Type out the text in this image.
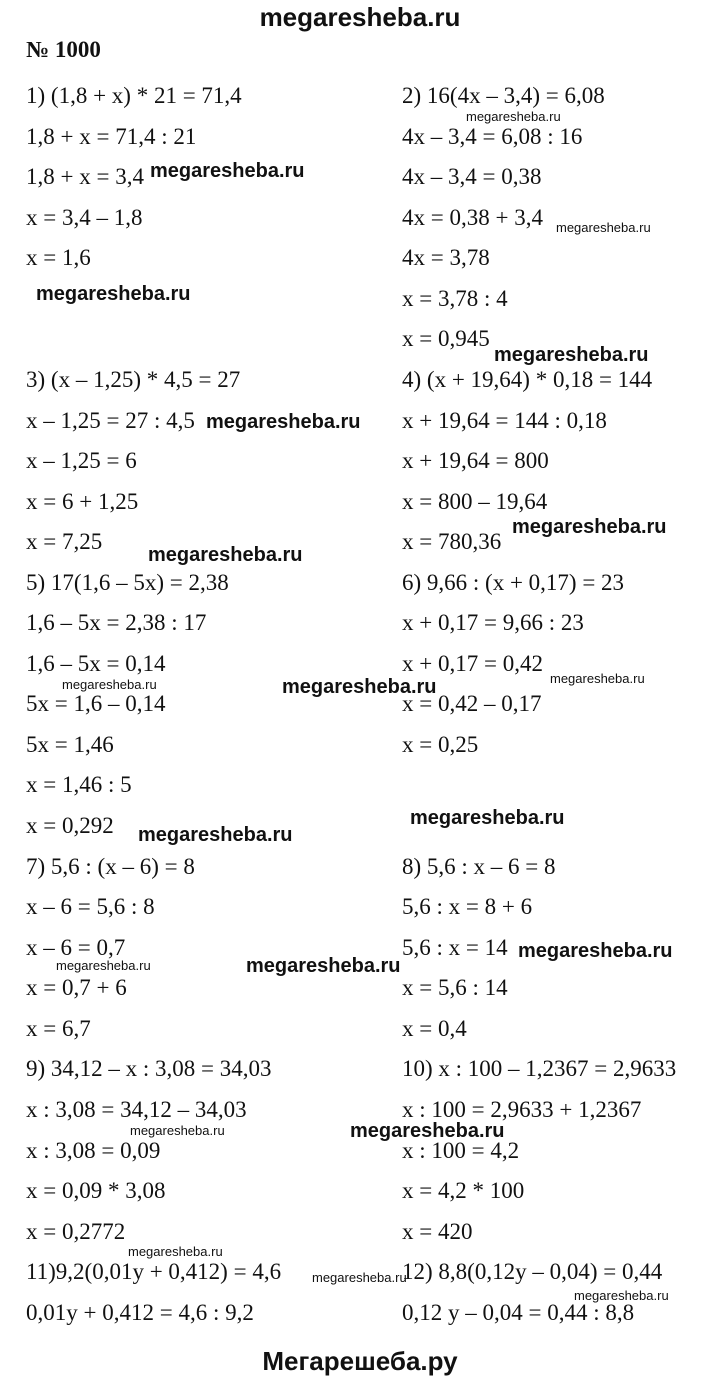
megaresheba.ru
№ 1000
1) (1,8 + x) * 21 = 71,4
1,8 + x = 71,4 : 21
1,8 + x = 3,4
x = 3,4 – 1,8
x = 1,6
3) (x – 1,25) * 4,5 = 27
x – 1,25 = 27 : 4,5
x – 1,25 = 6
x = 6 + 1,25
x = 7,25
5) 17(1,6 – 5x) = 2,38
1,6 – 5x = 2,38 : 17
1,6 – 5x = 0,14
5x = 1,6 – 0,14
5x = 1,46
x = 1,46 : 5
x = 0,292
7) 5,6 : (x – 6) = 8
x – 6 = 5,6 : 8
x – 6 = 0,7
x = 0,7 + 6
x = 6,7
9) 34,12 – x : 3,08 = 34,03
x : 3,08 = 34,12 – 34,03
x : 3,08 = 0,09
x = 0,09 * 3,08
x = 0,2772
11)9,2(0,01y + 0,412) = 4,6
0,01y + 0,412 = 4,6 : 9,2
2) 16(4x – 3,4) = 6,08
4x – 3,4 = 6,08 : 16
4x – 3,4 = 0,38
4x = 0,38 + 3,4
4x = 3,78
x = 3,78 : 4
x = 0,945
4) (x + 19,64) * 0,18 = 144
x + 19,64 = 144 : 0,18
x + 19,64 = 800
x = 800 – 19,64
x = 780,36
6) 9,66 : (x + 0,17) = 23
x + 0,17 = 9,66 : 23
x + 0,17 = 0,42
x = 0,42 – 0,17
x = 0,25
8) 5,6 : x – 6 = 8
5,6 : x = 8 + 6
5,6 : x = 14
x = 5,6 : 14
x = 0,4
10) x : 100 – 1,2367 = 2,9633
x : 100 = 2,9633 + 1,2367
x : 100 = 4,2
x = 4,2 * 100
x = 420
12) 8,8(0,12y – 0,04) = 0,44
0,12 y – 0,04 = 0,44 : 8,8
megaresheba.ru
megaresheba.ru
megaresheba.ru
megaresheba.ru
megaresheba.ru
megaresheba.ru
megaresheba.ru
megaresheba.ru
megaresheba.ru	megaresheba.ru	megaresheba.ru
megaresheba.ru
megaresheba.ru
megaresheba.ru
megaresheba.ru	megaresheba.ru
megaresheba.ru	megaresheba.ru
megaresheba.ru
megaresheba.ru
megaresheba.ru
Мегарешеба.ру
